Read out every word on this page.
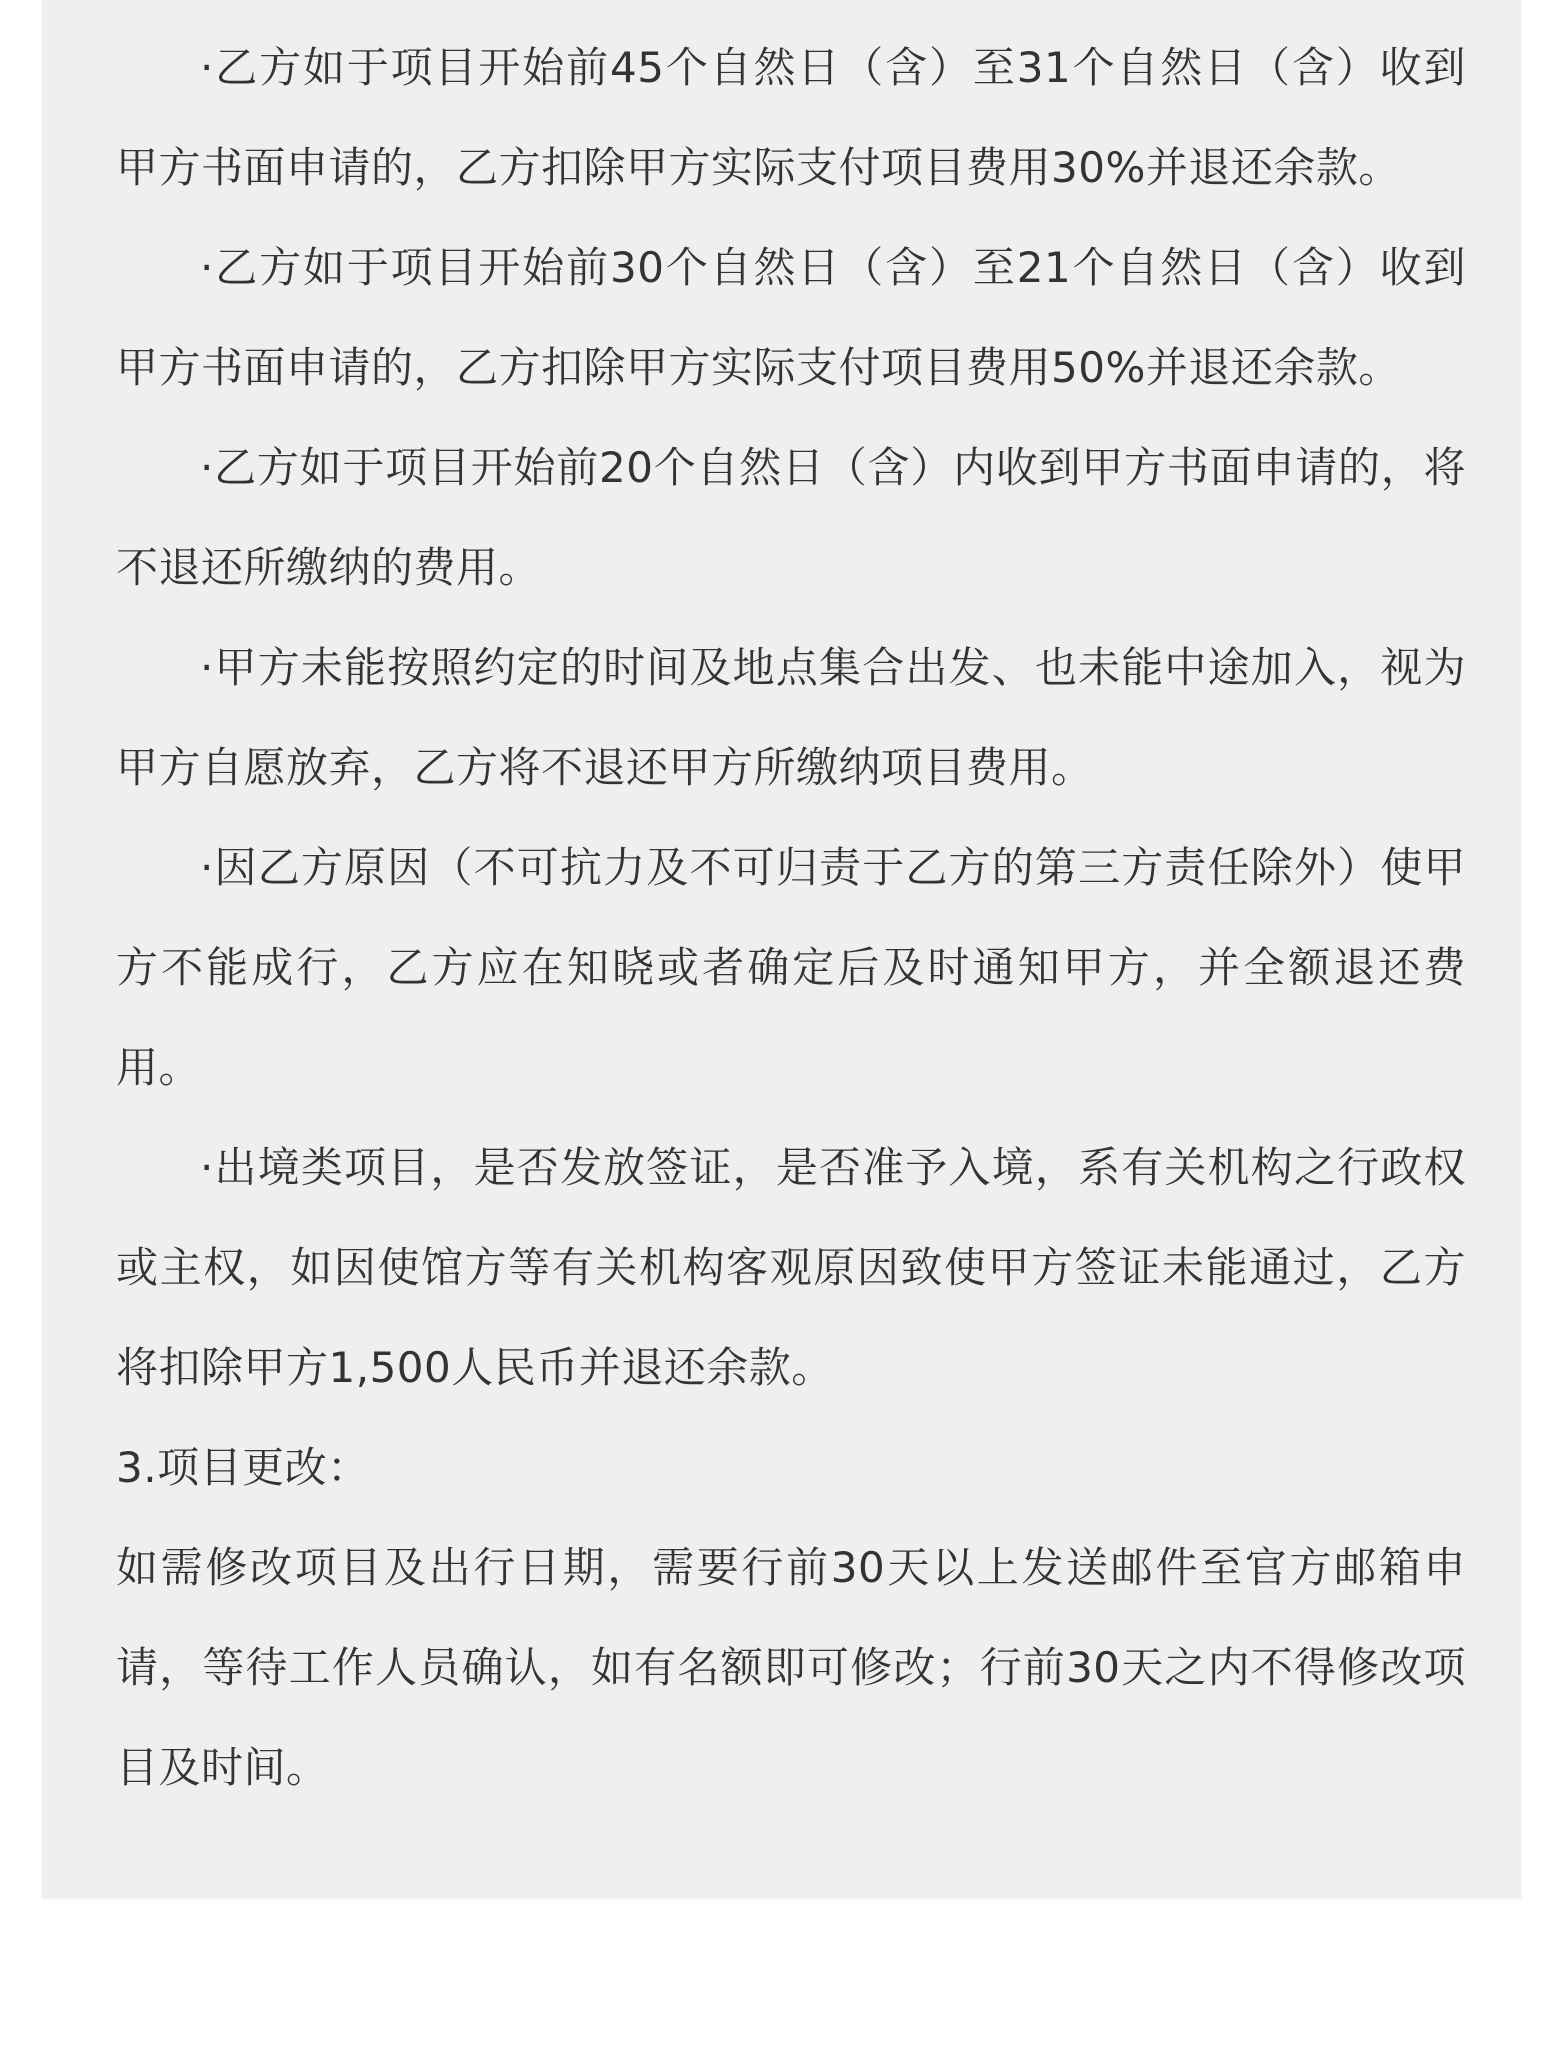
·乙方如于项目开始前45个自然日（含）至31个自然日（含）收到甲方书面申请的，乙方扣除甲方实际支付项目费用30%并退还余款。

·乙方如于项目开始前30个自然日（含）至21个自然日（含）收到甲方书面申请的，乙方扣除甲方实际支付项目费用50%并退还余款。

·乙方如于项目开始前20个自然日（含）内收到甲方书面申请的，将不退还所缴纳的费用。

·甲方未能按照约定的时间及地点集合出发、也未能中途加入，视为甲方自愿放弃，乙方将不退还甲方所缴纳项目费用。

·因乙方原因（不可抗力及不可归责于乙方的第三方责任除外）使甲方不能成行，乙方应在知晓或者确定后及时通知甲方，并全额退还费用。

·出境类项目，是否发放签证，是否准予入境，系有关机构之行政权或主权，如因使馆方等有关机构客观原因致使甲方签证未能通过，乙方将扣除甲方1,500人民币并退还余款。

3.项目更改：

如需修改项目及出行日期，需要行前30天以上发送邮件至官方邮箱申请，等待工作人员确认，如有名额即可修改；行前30天之内不得修改项目及时间。
